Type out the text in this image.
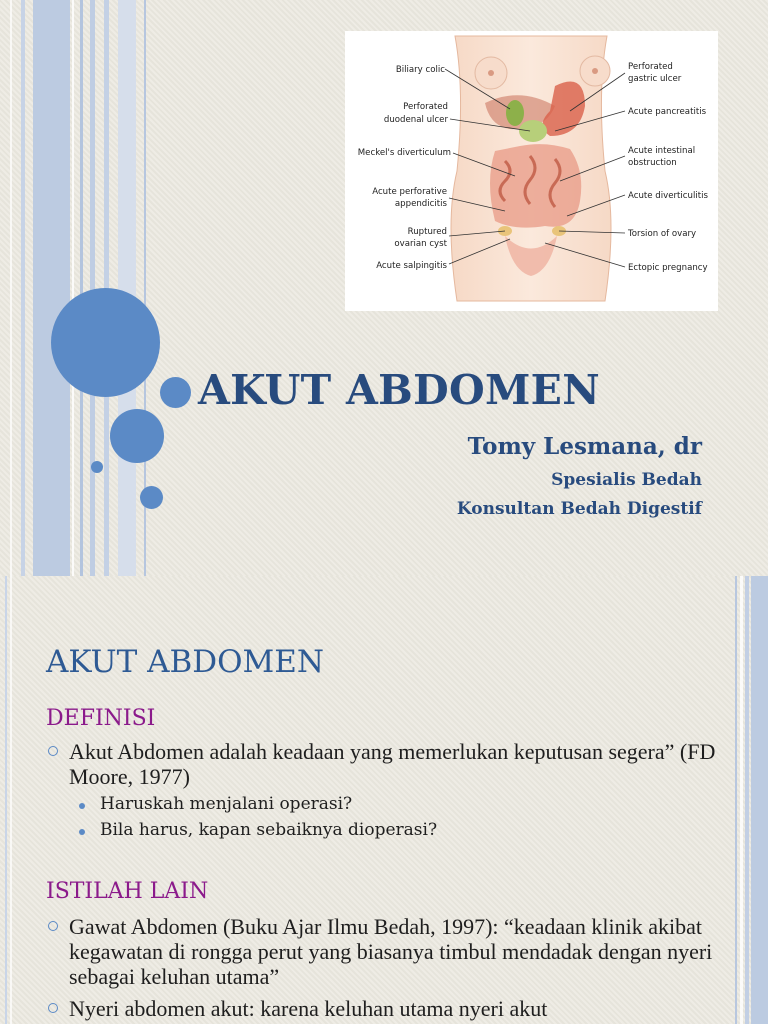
Biliary colic
Perforated
duodenal ulcer
Meckel's diverticulum
Acute perforative
appendicitis
Ruptured
ovarian cyst
Acute salpingitis
Perforated
gastric ulcer
Acute pancreatitis
Acute intestinal
obstruction
Acute diverticulitis
Torsion of ovary
Ectopic pregnancy
AKUT ABDOMEN
Tomy Lesmana, dr
Spesialis Bedah
Konsultan Bedah Digestif
AKUT ABDOMEN
DEFINISI
Akut Abdomen adalah keadaan yang memerlukan keputusan segera” (FD Moore, 1977)
Haruskah menjalani operasi?
Bila harus, kapan sebaiknya dioperasi?
ISTILAH LAIN
Gawat Abdomen (Buku Ajar Ilmu Bedah, 1997): “keadaan klinik akibat kegawatan di rongga perut yang biasanya timbul mendadak dengan nyeri sebagai keluhan utama”
Nyeri abdomen akut: karena keluhan utama nyeri akut
